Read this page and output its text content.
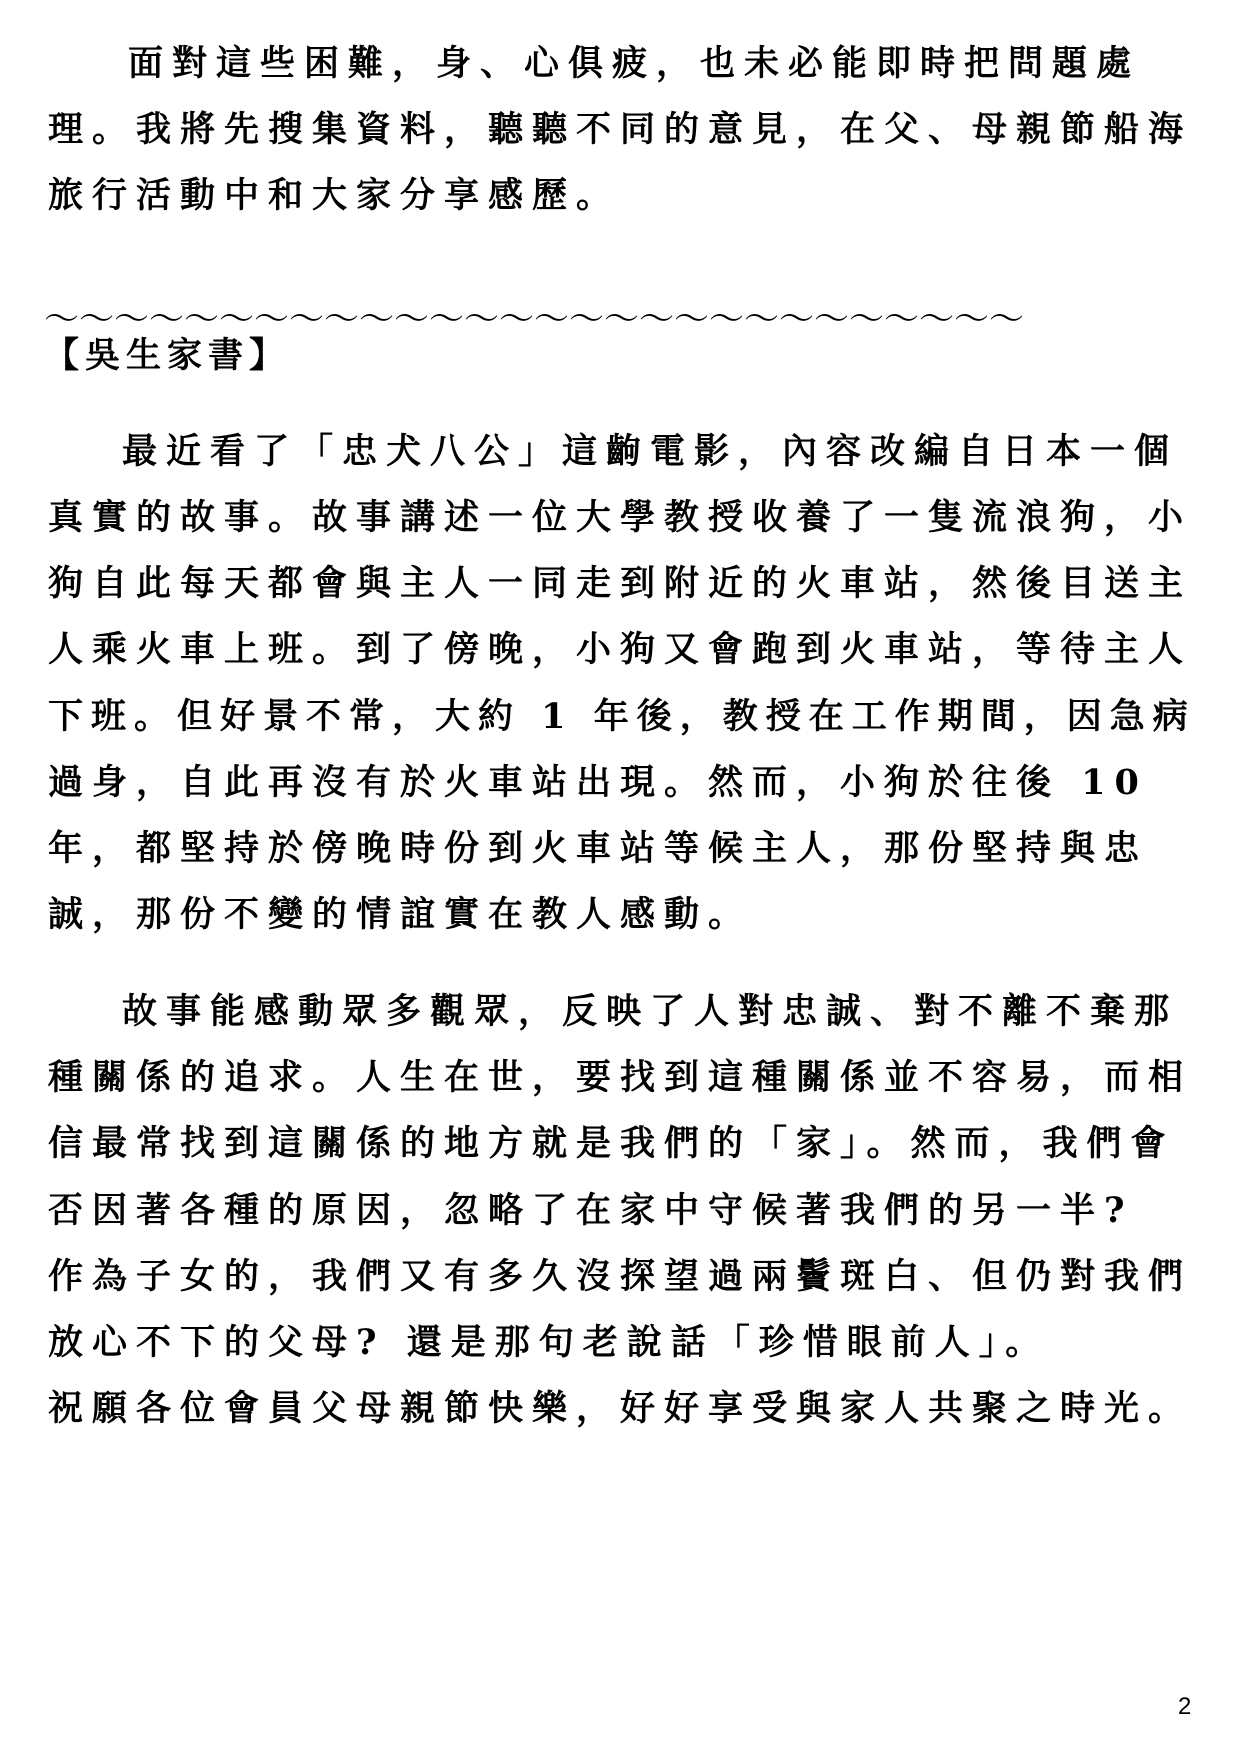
面對這些困難，身、心俱疲，也未必能即時把問題處
理。我將先搜集資料，聽聽不同的意見，在父、母親節船海
旅行活動中和大家分享感歷。
～～～～～～～～～～～～～～～～～～～～～～～～～～～～
【吳生家書】
最近看了「忠犬八公」這齣電影，內容改編自日本一個
真實的故事。故事講述一位大學教授收養了一隻流浪狗，小
狗自此每天都會與主人一同走到附近的火車站，然後目送主
人乘火車上班。到了傍晚，小狗又會跑到火車站，等待主人
下班。但好景不常，大約 1 年後，教授在工作期間，因急病
過身，自此再沒有於火車站出現。然而，小狗於往後 10
年，都堅持於傍晚時份到火車站等候主人，那份堅持與忠
誠，那份不變的情誼實在教人感動。
故事能感動眾多觀眾，反映了人對忠誠、對不離不棄那
種關係的追求。人生在世，要找到這種關係並不容易，而相
信最常找到這關係的地方就是我們的「家」。然而，我們會
否因著各種的原因，忽略了在家中守候著我們的另一半?
作為子女的，我們又有多久沒探望過兩鬢斑白、但仍對我們
放心不下的父母? 還是那句老說話「珍惜眼前人」。
祝願各位會員父母親節快樂，好好享受與家人共聚之時光。
2
